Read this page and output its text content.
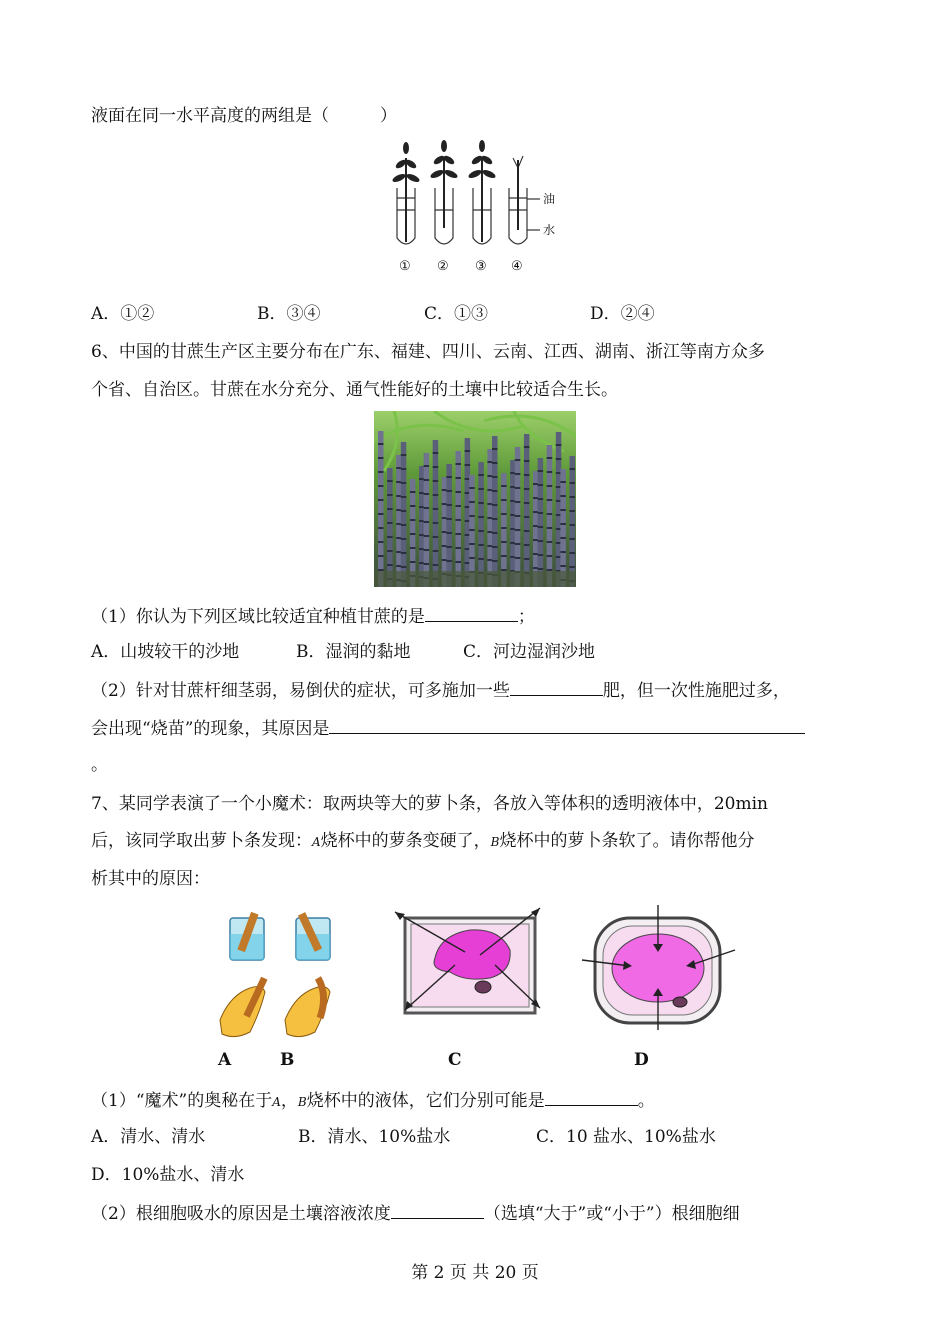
液面在同一水平高度的两组是（　　　）
油
水
① ② ③ ④
A．①②	B．③④	C．①③	D．②④
6、中国的甘蔗生产区主要分布在广东、福建、四川、云南、江西、湖南、浙江等南方众多
个省、自治区。甘蔗在水分充分、通气性能好的土壤中比较适合生长。
（1）你认为下列区域比较适宜种植甘蔗的是	；
A．山坡较干的沙地	B．湿润的黏地	C．河边湿润沙地
（2）针对甘蔗杆细茎弱，易倒伏的症状，可多施加一些	肥，但一次性施肥过多，
会出现“烧苗”的现象，其原因是
。
7、某同学表演了一个小魔术：取两块等大的萝卜条，各放入等体积的透明液体中，20min
后，该同学取出萝卜条发现：A烧杯中的萝条变硬了，B烧杯中的萝卜条软了。请你帮他分
析其中的原因：
A	B	C	D
（1）“魔术”的奥秘在于A，B烧杯中的液体，它们分别可能是	。
A．清水、清水	B．清水、10%盐水	C．10 盐水、10%盐水
D．10%盐水、清水
（2）根细胞吸水的原因是土壤溶液浓度	（选填“大于”或“小于”）根细胞细
第 2 页 共 20 页
